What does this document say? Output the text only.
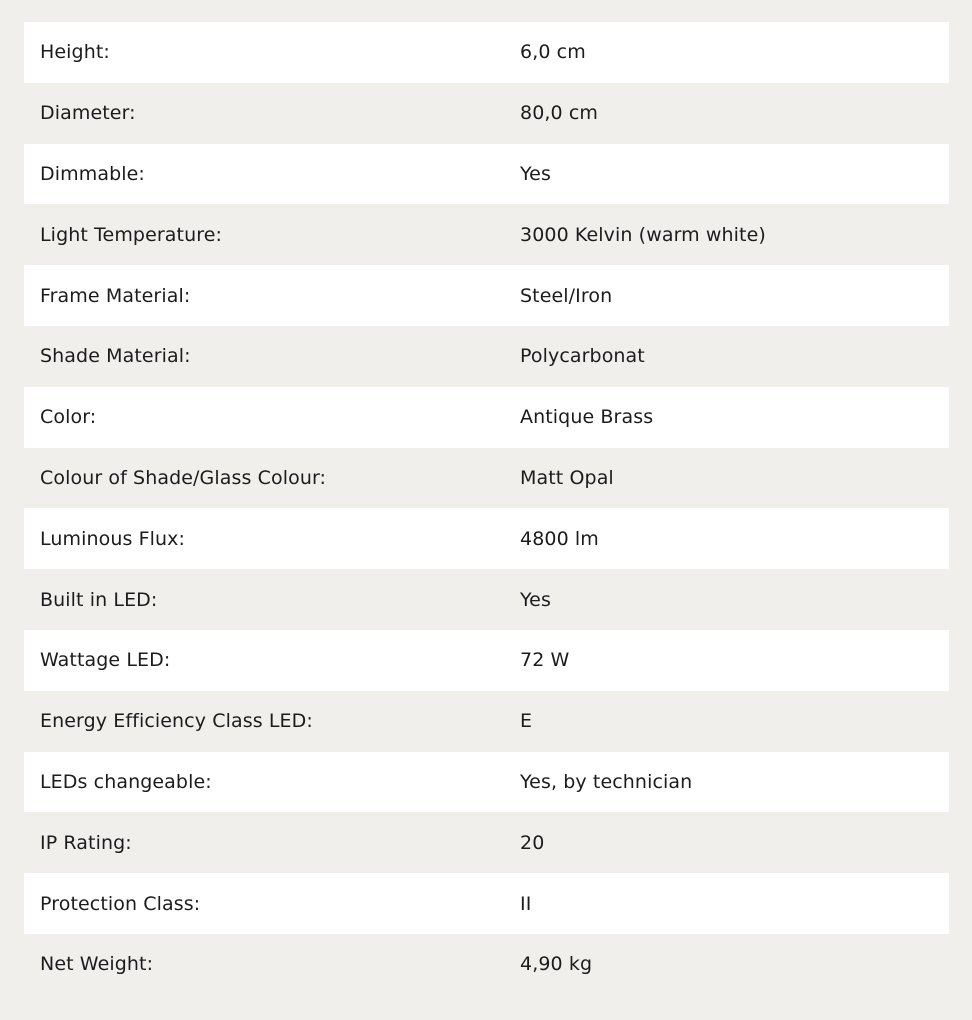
Height:	6,0 cm
Diameter:	80,0 cm
Dimmable:	Yes
Light Temperature:	3000 Kelvin (warm white)
Frame Material:	Steel/Iron
Shade Material:	Polycarbonat
Color:	Antique Brass
Colour of Shade/Glass Colour:	Matt Opal
Luminous Flux:	4800 lm
Built in LED:	Yes
Wattage LED:	72 W
Energy Efficiency Class LED:	E
LEDs changeable:	Yes, by technician
IP Rating:	20
Protection Class:	II
Net Weight:	4,90 kg
